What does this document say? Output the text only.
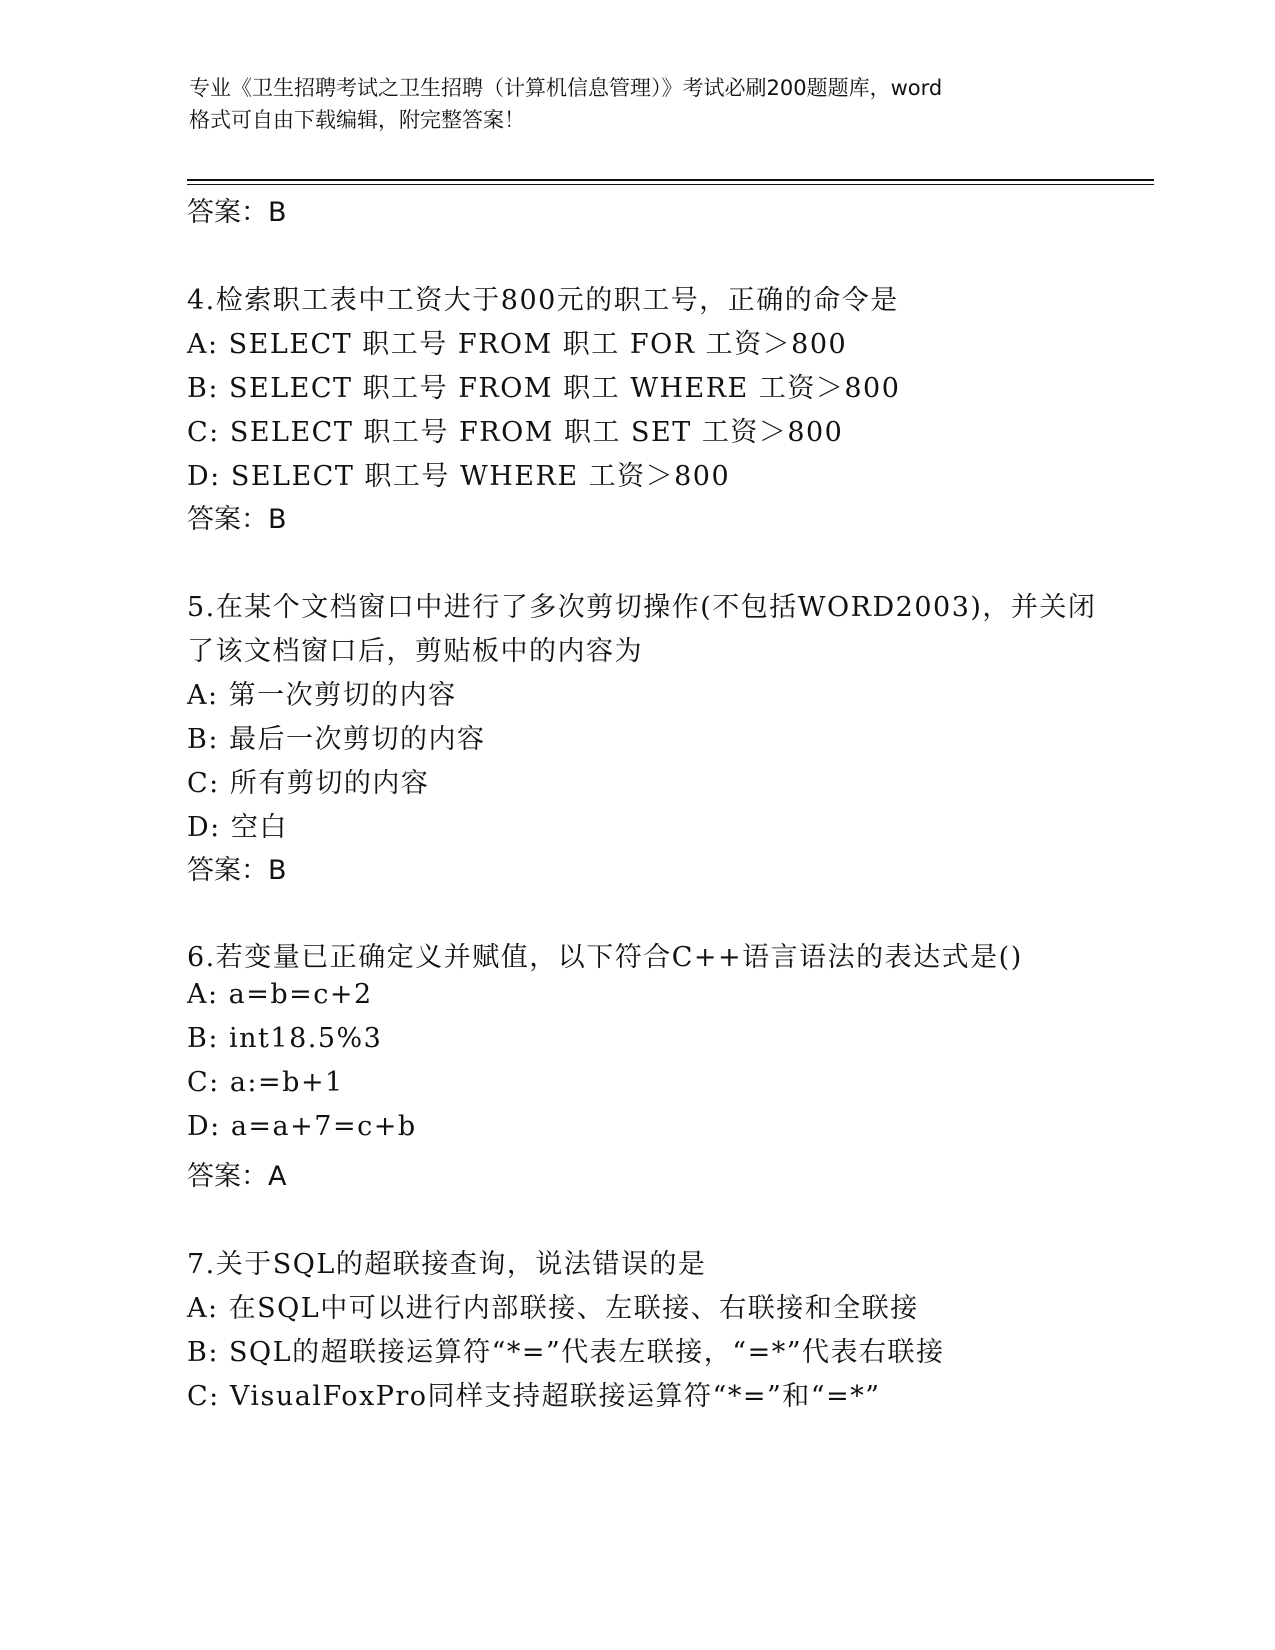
专业《卫生招聘考试之卫生招聘（计算机信息管理）》考试必刷200题题库，word
格式可自由下载编辑，附完整答案！
答案：B
4.检索职工表中工资大于800元的职工号，正确的命令是
A: SELECT 职工号 FROM 职工 FOR 工资＞800
B: SELECT 职工号 FROM 职工 WHERE 工资＞800
C: SELECT 职工号 FROM 职工 SET 工资＞800
D: SELECT 职工号 WHERE 工资＞800
答案：B
5.在某个文档窗口中进行了多次剪切操作(不包括WORD2003)，并关闭
了该文档窗口后，剪贴板中的内容为
A: 第一次剪切的内容
B: 最后一次剪切的内容
C: 所有剪切的内容
D: 空白
答案：B
6.若变量已正确定义并赋值，以下符合C++语言语法的表达式是()
A: a=b=c+2
B: int18.5%3
C: a:=b+1
D: a=a+7=c+b
答案：A
7.关于SQL的超联接查询，说法错误的是
A: 在SQL中可以进行内部联接、左联接、右联接和全联接
B: SQL的超联接运算符“*=”代表左联接，“=*”代表右联接
C: VisualFoxPro同样支持超联接运算符“*=”和“=*”
